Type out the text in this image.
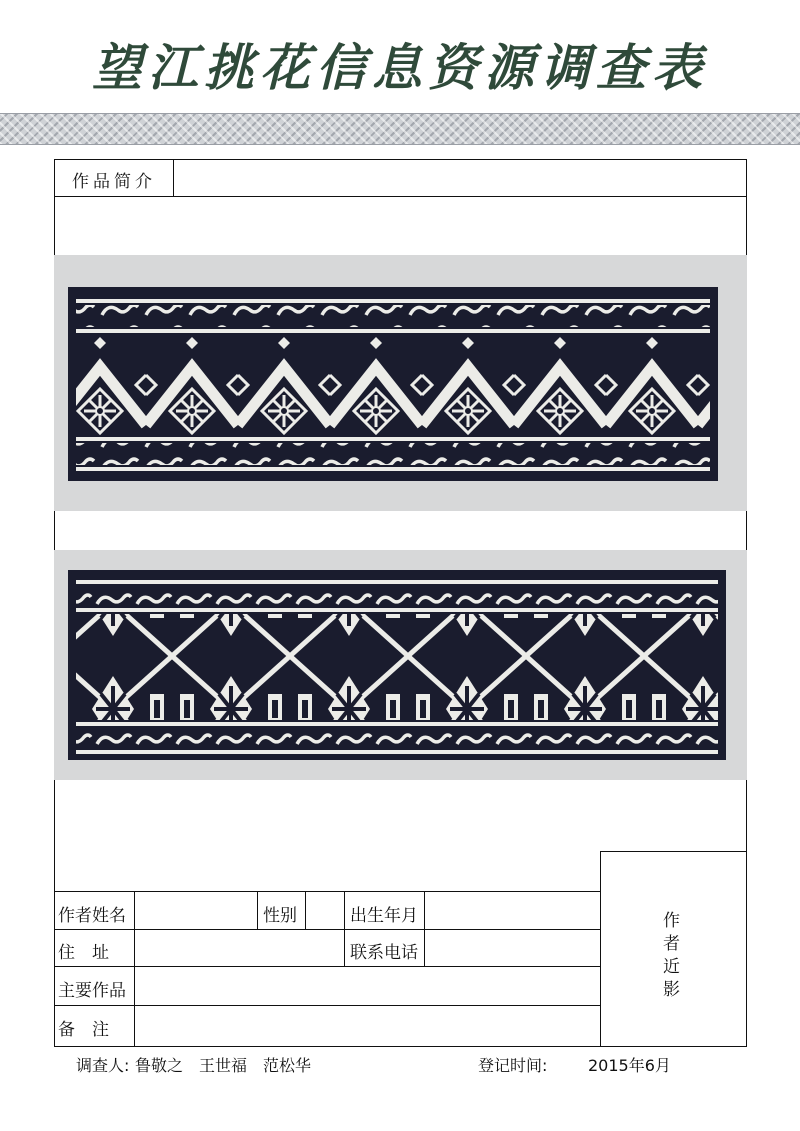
望江挑花信息资源调查表
作品简介
作者姓名	性别	出生年月
住　址	联系电话
主要作品
备　注
作
者
近
影
调查人: 鲁敬之　王世福　范松华	登记时间:	2015年6月
